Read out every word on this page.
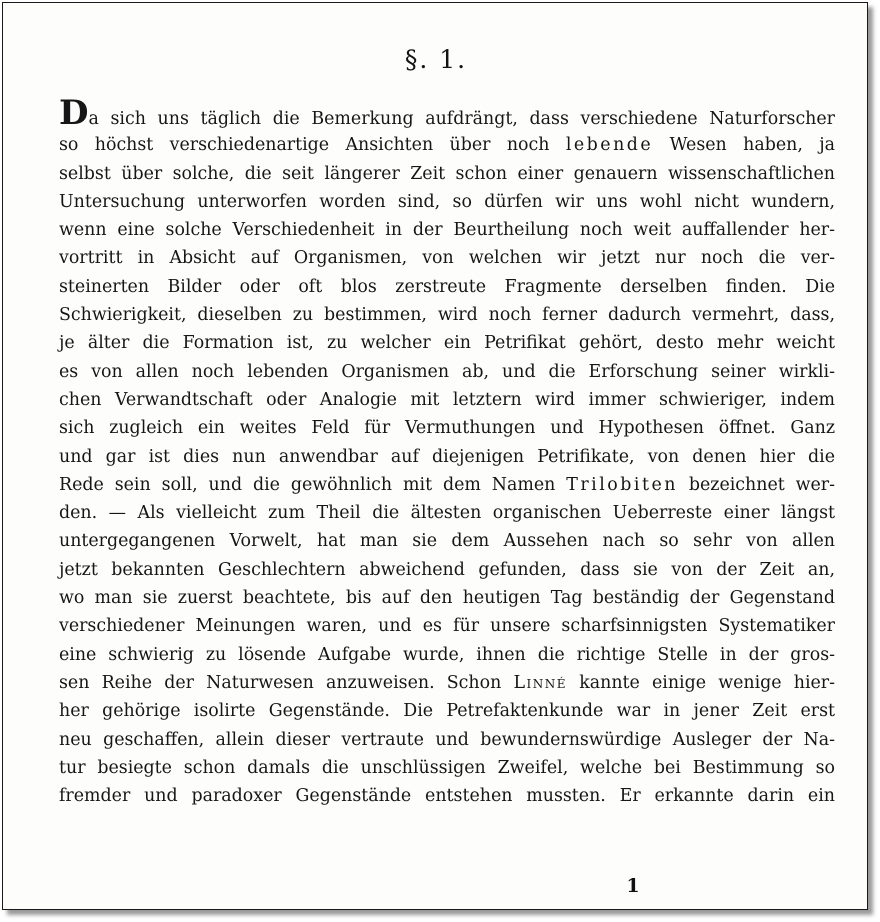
§. 1.
Da sich uns täglich die Bemerkung aufdrängt, dass verschiedene Naturforscher
so höchst verschiedenartige Ansichten über noch lebende Wesen haben, ja
selbst über solche, die seit längerer Zeit schon einer genauern wissenschaftlichen
Untersuchung unterworfen worden sind, so dürfen wir uns wohl nicht wundern,
wenn eine solche Verschiedenheit in der Beurtheilung noch weit auffallender her-
vortritt in Absicht auf Organismen, von welchen wir jetzt nur noch die ver-
steinerten Bilder oder oft blos zerstreute Fragmente derselben finden. Die
Schwierigkeit, dieselben zu bestimmen, wird noch ferner dadurch vermehrt, dass,
je älter die Formation ist, zu welcher ein Petrifikat gehört, desto mehr weicht
es von allen noch lebenden Organismen ab, und die Erforschung seiner wirkli-
chen Verwandtschaft oder Analogie mit letztern wird immer schwieriger, indem
sich zugleich ein weites Feld für Vermuthungen und Hypothesen öffnet. Ganz
und gar ist dies nun anwendbar auf diejenigen Petrifikate, von denen hier die
Rede sein soll, und die gewöhnlich mit dem Namen Trilobiten bezeichnet wer-
den. — Als vielleicht zum Theil die ältesten organischen Ueberreste einer längst
untergegangenen Vorwelt, hat man sie dem Aussehen nach so sehr von allen
jetzt bekannten Geschlechtern abweichend gefunden, dass sie von der Zeit an,
wo man sie zuerst beachtete, bis auf den heutigen Tag beständig der Gegenstand
verschiedener Meinungen waren, und es für unsere scharfsinnigsten Systematiker
eine schwierig zu lösende Aufgabe wurde, ihnen die richtige Stelle in der gros-
sen Reihe der Naturwesen anzuweisen. Schon Linné kannte einige wenige hier-
her gehörige isolirte Gegenstände. Die Petrefaktenkunde war in jener Zeit erst
neu geschaffen, allein dieser vertraute und bewundernswürdige Ausleger der Na-
tur besiegte schon damals die unschlüssigen Zweifel, welche bei Bestimmung so
fremder und paradoxer Gegenstände entstehen mussten. Er erkannte darin ein
1
